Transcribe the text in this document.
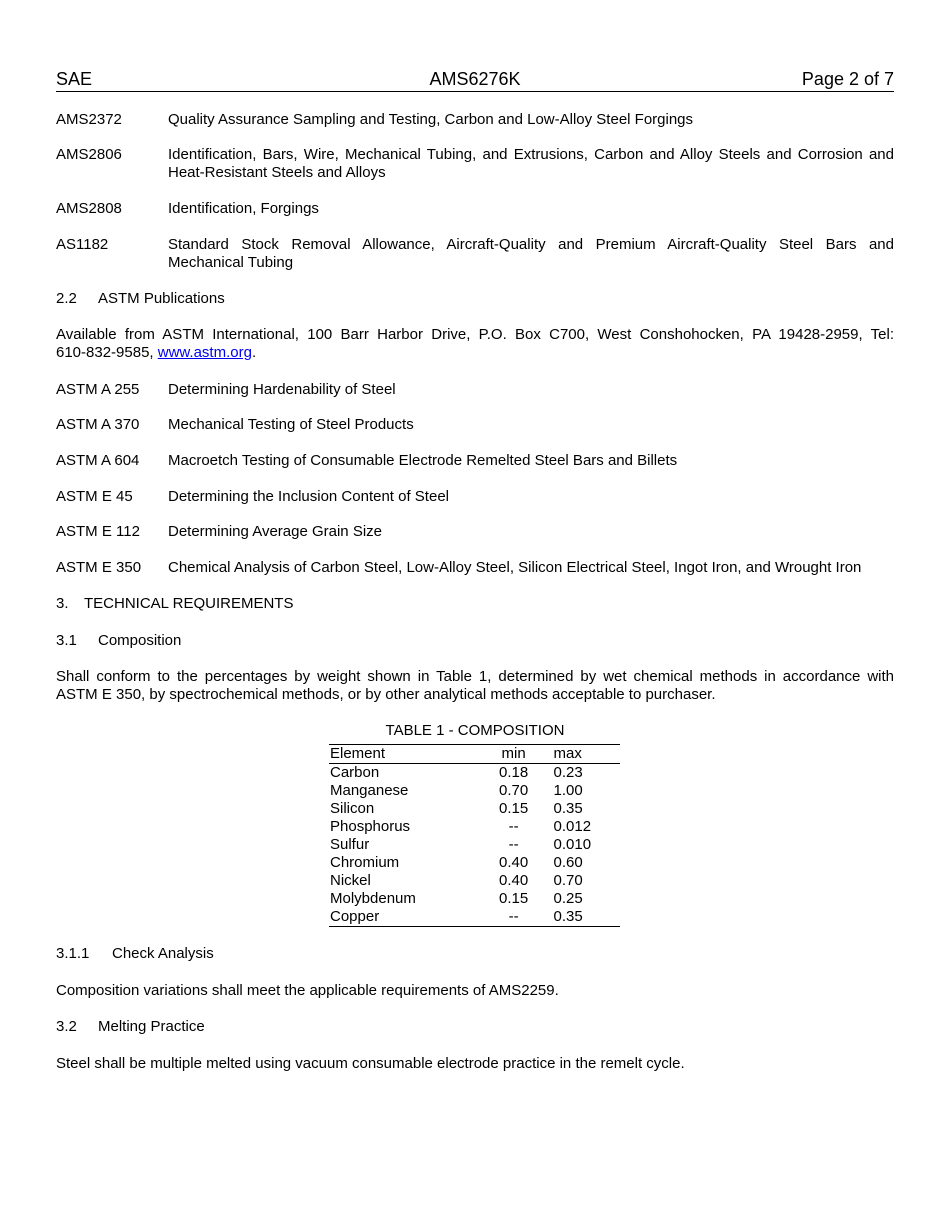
SAE	AMS6276K	Page 2 of 7
AMS2372	Quality Assurance Sampling and Testing, Carbon and Low-Alloy Steel Forgings
AMS2806	Identification, Bars, Wire, Mechanical Tubing, and Extrusions, Carbon and Alloy Steels and Corrosion and
Heat-Resistant Steels and Alloys
AMS2808	Identification, Forgings
AS1182	Standard Stock Removal Allowance, Aircraft-Quality and Premium Aircraft-Quality Steel Bars and
Mechanical Tubing
2.2 ASTM Publications
Available from ASTM International, 100 Barr Harbor Drive, P.O. Box C700, West Conshohocken, PA 19428-2959, Tel:
610-832-9585, www.astm.org.
ASTM A 255 Determining Hardenability of Steel
ASTM A 370 Mechanical Testing of Steel Products
ASTM A 604 Macroetch Testing of Consumable Electrode Remelted Steel Bars and Billets
ASTM E 45 Determining the Inclusion Content of Steel
ASTM E 112 Determining Average Grain Size
ASTM E 350 Chemical Analysis of Carbon Steel, Low-Alloy Steel, Silicon Electrical Steel, Ingot Iron, and Wrought Iron
3. TECHNICAL REQUIREMENTS
3.1 Composition
Shall conform to the percentages by weight shown in Table 1, determined by wet chemical methods in accordance with
ASTM E 350, by spectrochemical methods, or by other analytical methods acceptable to purchaser.
TABLE 1 - COMPOSITION
Element	min	max
Carbon	0.18	0.23
Manganese	0.70	1.00
Silicon	0.15	0.35
Phosphorus	--	0.012
Sulfur	--	0.010
Chromium	0.40	0.60
Nickel	0.40	0.70
Molybdenum	0.15	0.25
Copper	--	0.35
3.1.1 Check Analysis
Composition variations shall meet the applicable requirements of AMS2259.
3.2 Melting Practice
Steel shall be multiple melted using vacuum consumable electrode practice in the remelt cycle.
